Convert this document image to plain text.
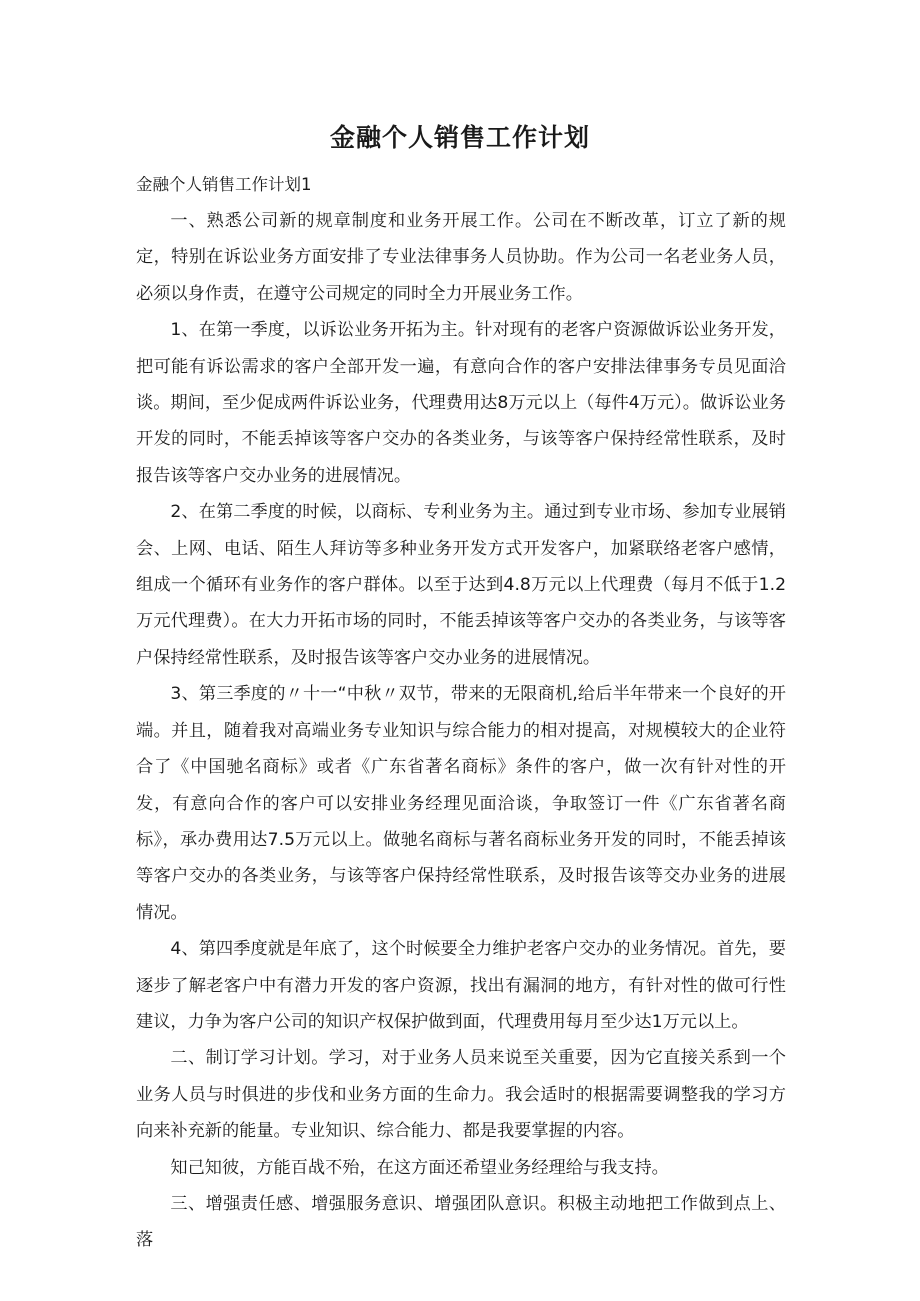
金融个人销售工作计划
金融个人销售工作计划1

一、熟悉公司新的规章制度和业务开展工作。公司在不断改革，订立了新的规定，特别在诉讼业务方面安排了专业法律事务人员协助。作为公司一名老业务人员，必须以身作责，在遵守公司规定的同时全力开展业务工作。

1、在第一季度，以诉讼业务开拓为主。针对现有的老客户资源做诉讼业务开发，把可能有诉讼需求的客户全部开发一遍，有意向合作的客户安排法律事务专员见面洽谈。期间，至少促成两件诉讼业务，代理费用达8万元以上（每件4万元）。做诉讼业务开发的同时，不能丢掉该等客户交办的各类业务，与该等客户保持经常性联系，及时报告该等客户交办业务的进展情况。

2、在第二季度的时候，以商标、专利业务为主。通过到专业市场、参加专业展销会、上网、电话、陌生人拜访等多种业务开发方式开发客户，加紧联络老客户感情，组成一个循环有业务作的客户群体。以至于达到4.8万元以上代理费（每月不低于1.2万元代理费）。在大力开拓市场的同时，不能丢掉该等客户交办的各类业务，与该等客户保持经常性联系，及时报告该等客户交办业务的进展情况。

3、第三季度的〃十一“中秋〃双节，带来的无限商机,给后半年带来一个良好的开端。并且，随着我对高端业务专业知识与综合能力的相对提高，对规模较大的企业符合了《中国驰名商标》或者《广东省著名商标》条件的客户，做一次有针对性的开发，有意向合作的客户可以安排业务经理见面洽谈，争取签订一件《广东省著名商标》，承办费用达7.5万元以上。做驰名商标与著名商标业务开发的同时，不能丢掉该等客户交办的各类业务，与该等客户保持经常性联系，及时报告该等交办业务的进展情况。

4、第四季度就是年底了，这个时候要全力维护老客户交办的业务情况。首先，要逐步了解老客户中有潜力开发的客户资源，找出有漏洞的地方，有针对性的做可行性建议，力争为客户公司的知识产权保护做到面，代理费用每月至少达1万元以上。

二、制订学习计划。学习，对于业务人员来说至关重要，因为它直接关系到一个业务人员与时俱进的步伐和业务方面的生命力。我会适时的根据需要调整我的学习方向来补充新的能量。专业知识、综合能力、都是我要掌握的内容。

知己知彼，方能百战不殆，在这方面还希望业务经理给与我支持。

三、增强责任感、增强服务意识、增强团队意识。积极主动地把工作做到点上、落
